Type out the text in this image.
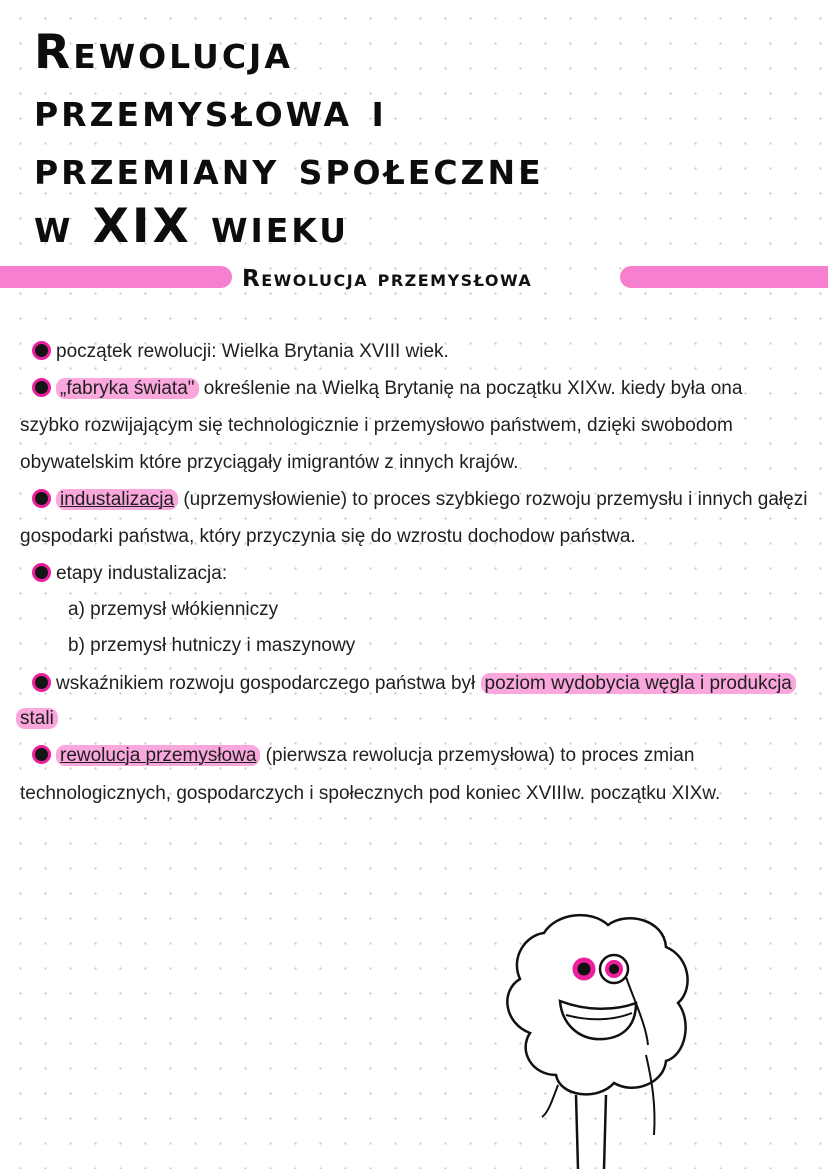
Rewolucja
przemysłowa i
przemiany społeczne
w XIX wieku
Rewolucja przemysłowa
początek rewolucji: Wielka Brytania XVIII wiek.
„fabryka świata" określenie na Wielką Brytanię na początku XIXw. kiedy była ona
szybko rozwijającym się technologicznie i przemysłowo państwem, dzięki swobodom
obywatelskim które przyciągały imigrantów z innych krajów.
industalizacja (uprzemysłowienie) to proces szybkiego rozwoju przemysłu i innych gałęzi
gospodarki państwa, który przyczynia się do wzrostu dochodow państwa.
etapy industalizacja:
a) przemysł włókienniczy
b) przemysł hutniczy i maszynowy
wskaźnikiem rozwoju gospodarczego państwa był poziom wydobycia węgla i produkcja
stali
rewolucja przemysłowa (pierwsza rewolucja przemysłowa) to proces zmian
technologicznych, gospodarczych i społecznych pod koniec XVIIIw. początku XIXw.
